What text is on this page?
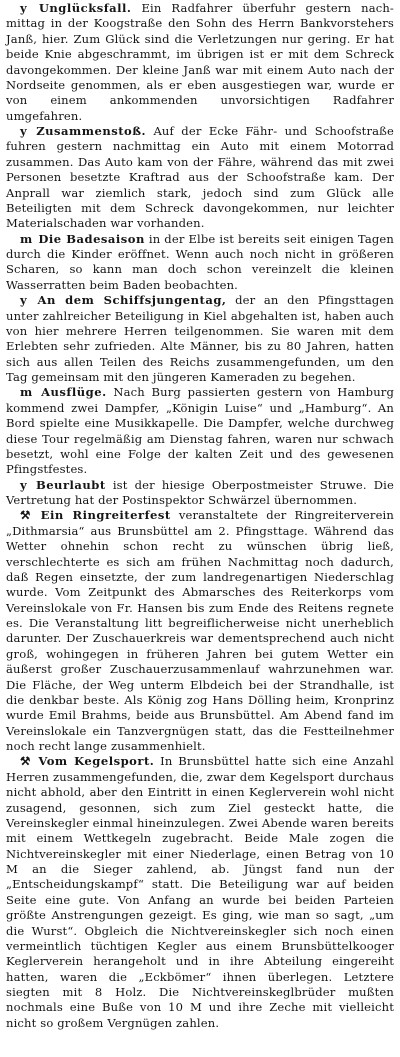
y Unglücksfall. Ein Radfahrer überfuhr gestern nach-mittag in der Koogstraße den Sohn des Herrn Bankvorstehers Janß, hier. Zum Glück sind die Verletzungen nur gering. Er hat beide Knie abgeschrammt, im übrigen ist er mit dem Schreck davongekommen. Der kleine Janß war mit einem Auto nach der Nordseite genommen, als er eben ausgestiegen war, wurde er von einem ankommenden unvorsichtigen Radfahrer umgefahren.

y Zusammenstoß. Auf der Ecke Fähr- und Schoofstraße fuhren gestern nachmittag ein Auto mit einem Motorrad zusammen. Das Auto kam von der Fähre, während das mit zwei Personen besetzte Kraftrad aus der Schoofstraße kam. Der Anprall war ziemlich stark, jedoch sind zum Glück alle Beteiligten mit dem Schreck davongekommen, nur leichter Materialschaden war vorhanden.

m Die Badesaison in der Elbe ist bereits seit einigen Tagen durch die Kinder eröffnet. Wenn auch noch nicht in größeren Scharen, so kann man doch schon vereinzelt die kleinen Wasserratten beim Baden beobachten.

y An dem Schiffsjungentag, der an den Pfingsttagen unter zahlreicher Beteiligung in Kiel abgehalten ist, haben auch von hier mehrere Herren teilgenommen. Sie waren mit dem Erlebten sehr zufrieden. Alte Männer, bis zu 80 Jahren, hatten sich aus allen Teilen des Reichs zusammengefunden, um den Tag gemeinsam mit den jüngeren Kameraden zu begehen.

m Ausflüge. Nach Burg passierten gestern von Hamburg kommend zwei Dampfer, „Königin Luise“ und „Hamburg“. An Bord spielte eine Musikkapelle. Die Dampfer, welche durchweg diese Tour regelmäßig am Dienstag fahren, waren nur schwach besetzt, wohl eine Folge der kalten Zeit und des gewesenen Pfingstfestes.

y Beurlaubt ist der hiesige Oberpostmeister Struwe. Die Vertretung hat der Postinspektor Schwärzel übernommen.

⚒ Ein Ringreiterfest veranstaltete der Ringreiterverein „Dithmarsia“ aus Brunsbüttel am 2. Pfingsttage. Während das Wetter ohnehin schon recht zu wünschen übrig ließ, verschlechterte es sich am frühen Nachmittag noch dadurch, daß Regen einsetzte, der zum landregenartigen Niederschlag wurde. Vom Zeitpunkt des Abmarsches des Reiterkorps vom Vereinslokale von Fr. Hansen bis zum Ende des Reitens regnete es. Die Veranstaltung litt begreiflicherweise nicht unerheblich darunter. Der Zuschauerkreis war dementsprechend auch nicht groß, wohingegen in früheren Jahren bei gutem Wetter ein äußerst großer Zuschauerzusammenlauf wahrzunehmen war. Die Fläche, der Weg unterm Elbdeich bei der Strandhalle, ist die denkbar beste. Als König zog Hans Dölling heim, Kronprinz wurde Emil Brahms, beide aus Brunsbüttel. Am Abend fand im Vereinslokale ein Tanzvergnügen statt, das die Festteilnehmer noch recht lange zusammenhielt.

⚒ Vom Kegelsport. In Brunsbüttel hatte sich eine Anzahl Herren zusammengefunden, die, zwar dem Kegelsport durchaus nicht abhold, aber den Eintritt in einen Keglerverein wohl nicht zusagend, gesonnen, sich zum Ziel gesteckt hatte, die Vereinskegler einmal hineinzulegen. Zwei Abende waren bereits mit einem Wettkegeln zugebracht. Beide Male zogen die Nichtvereinskegler mit einer Niederlage, einen Betrag von 10 M an die Sieger zahlend, ab. Jüngst fand nun der „Entscheidungskampf“ statt. Die Beteiligung war auf beiden Seite eine gute. Von Anfang an wurde bei beiden Parteien größte Anstrengungen gezeigt. Es ging, wie man so sagt, „um die Wurst“. Obgleich die Nichtvereinskegler sich noch einen vermeintlich tüchtigen Kegler aus einem Brunsbüttelkooger Keglerverein herangeholt und in ihre Abteilung eingereiht hatten, waren die „Eckbömer“ ihnen überlegen. Letztere siegten mit 8 Holz. Die Nichtvereinskeglbrüder mußten nochmals eine Buße von 10 M und ihre Zeche mit vielleicht nicht so großem Vergnügen zahlen.
